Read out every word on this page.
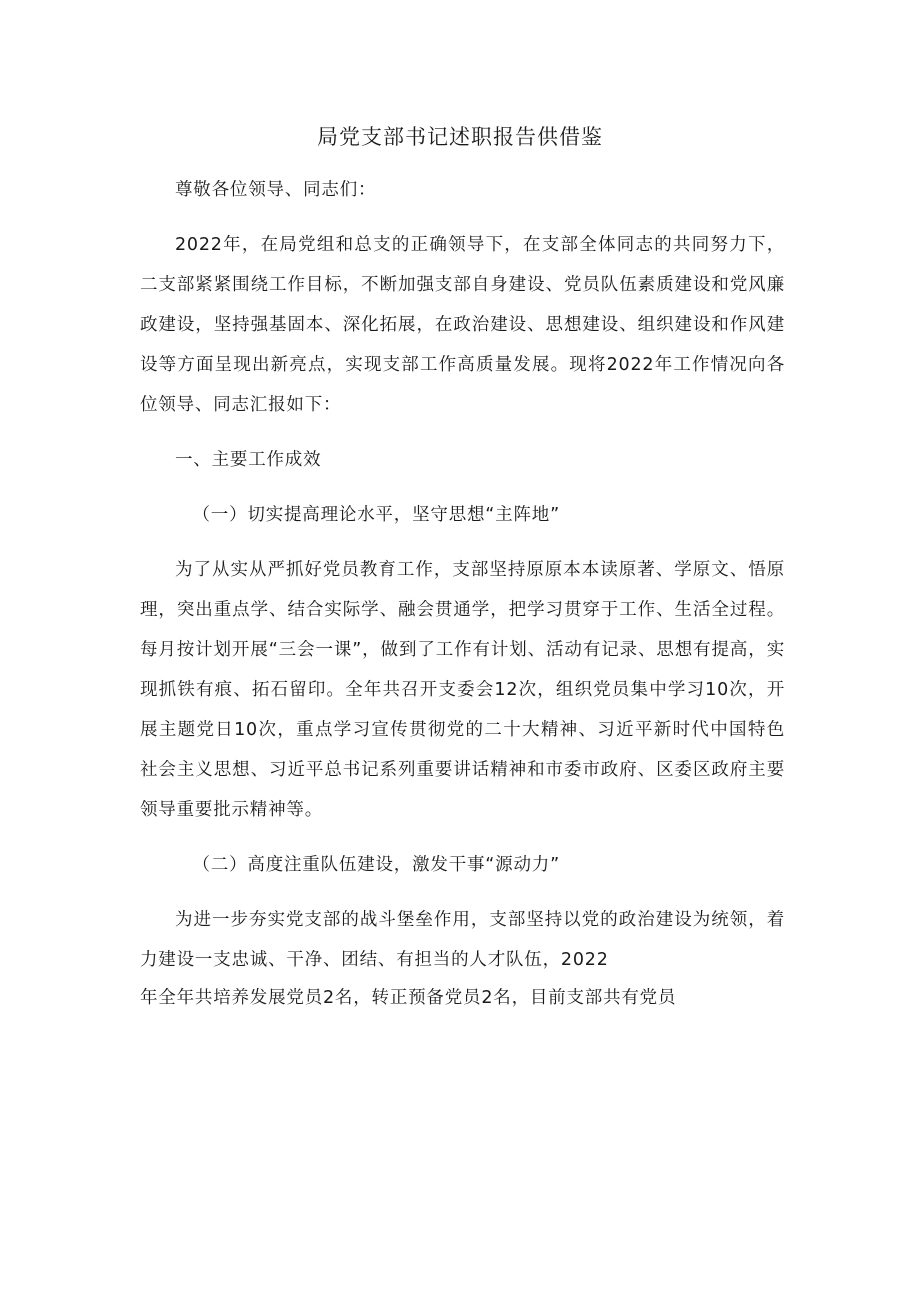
局党支部书记述职报告供借鉴

尊敬各位领导、同志们：

2022年，在局党组和总支的正确领导下，在支部全体同志的共同努力下，二支部紧紧围绕工作目标，不断加强支部自身建设、党员队伍素质建设和党风廉政建设，坚持强基固本、深化拓展，在政治建设、思想建设、组织建设和作风建设等方面呈现出新亮点，实现支部工作高质量发展。现将2022年工作情况向各位领导、同志汇报如下：

一、主要工作成效

（一）切实提高理论水平，坚守思想“主阵地”

为了从实从严抓好党员教育工作，支部坚持原原本本读原著、学原文、悟原理，突出重点学、结合实际学、融会贯通学，把学习贯穿于工作、生活全过程。每月按计划开展“三会一课”，做到了工作有计划、活动有记录、思想有提高，实现抓铁有痕、拓石留印。全年共召开支委会12次，组织党员集中学习10次，开展主题党日10次，重点学习宣传贯彻党的二十大精神、习近平新时代中国特色社会主义思想、习近平总书记系列重要讲话精神和市委市政府、区委区政府主要领导重要批示精神等。

（二）高度注重队伍建设，激发干事“源动力”

为进一步夯实党支部的战斗堡垒作用，支部坚持以党的政治建设为统领，着力建设一支忠诚、干净、团结、有担当的人才队伍，2022

年全年共培养发展党员2名，转正预备党员2名，目前支部共有党员
